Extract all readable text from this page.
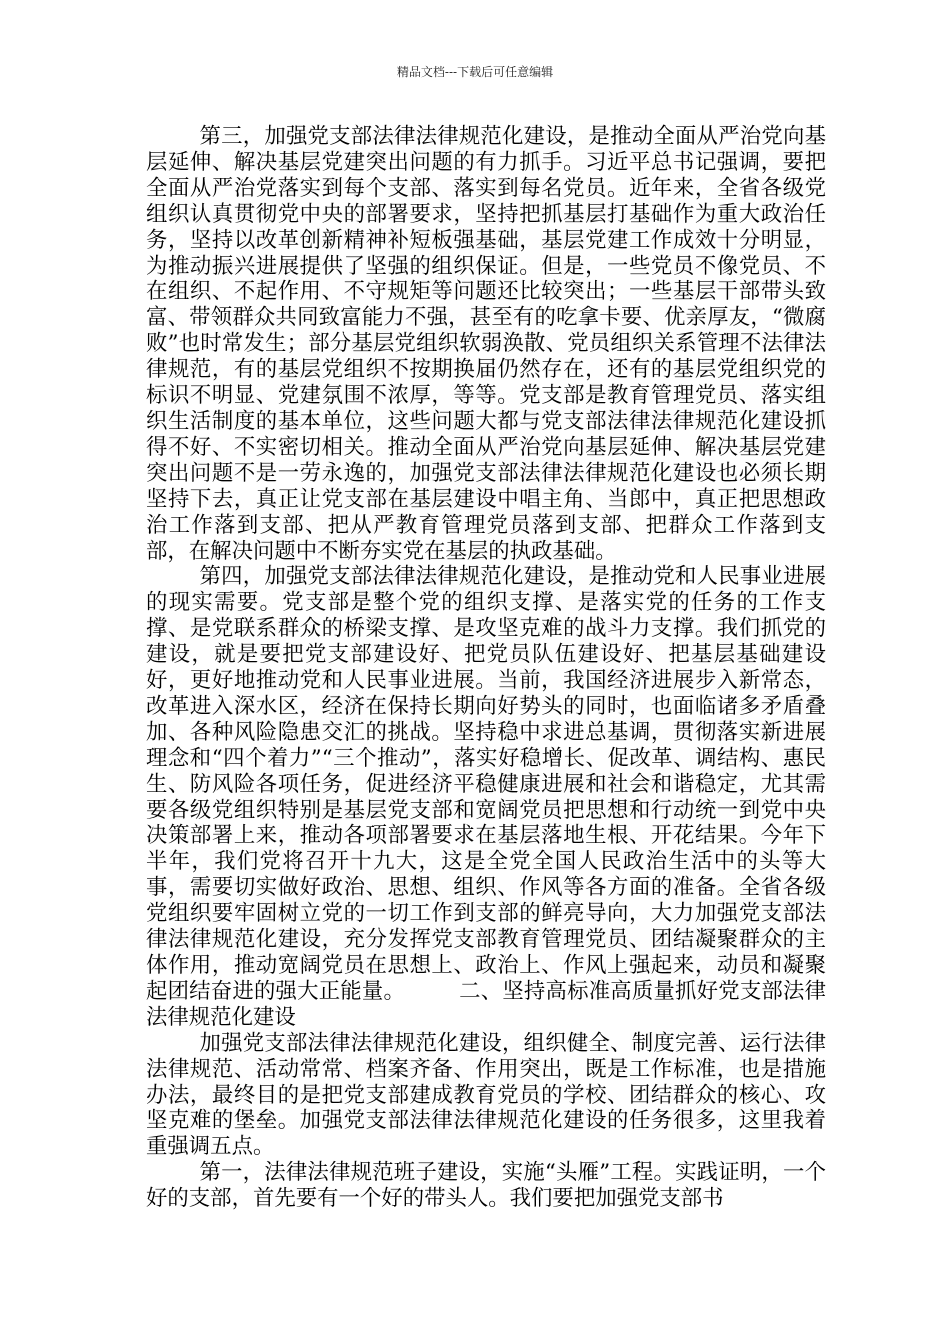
精品文档---下载后可任意编辑

第三，加强党支部法律法律规范化建设，是推动全面从严治党向基层延伸、解决基层党建突出问题的有力抓手。习近平总书记强调，要把全面从严治党落实到每个支部、落实到每名党员。近年来，全省各级党组织认真贯彻党中央的部署要求，坚持把抓基层打基础作为重大政治任务，坚持以改革创新精神补短板强基础，基层党建工作成效十分明显，为推动振兴进展提供了坚强的组织保证。但是，一些党员不像党员、不在组织、不起作用、不守规矩等问题还比较突出；一些基层干部带头致富、带领群众共同致富能力不强，甚至有的吃拿卡要、优亲厚友，“微腐败”也时常发生；部分基层党组织软弱涣散、党员组织关系管理不法律法律规范，有的基层党组织不按期换届仍然存在，还有的基层党组织党的标识不明显、党建氛围不浓厚，等等。党支部是教育管理党员、落实组织生活制度的基本单位，这些问题大都与党支部法律法律规范化建设抓得不好、不实密切相关。推动全面从严治党向基层延伸、解决基层党建突出问题不是一劳永逸的，加强党支部法律法律规范化建设也必须长期坚持下去，真正让党支部在基层建设中唱主角、当郎中，真正把思想政治工作落到支部、把从严教育管理党员落到支部、把群众工作落到支部，在解决问题中不断夯实党在基层的执政基础。

第四，加强党支部法律法律规范化建设，是推动党和人民事业进展的现实需要。党支部是整个党的组织支撑、是落实党的任务的工作支撑、是党联系群众的桥梁支撑、是攻坚克难的战斗力支撑。我们抓党的建设，就是要把党支部建设好、把党员队伍建设好、把基层基础建设好，更好地推动党和人民事业进展。当前，我国经济进展步入新常态，改革进入深水区，经济在保持长期向好势头的同时，也面临诸多矛盾叠加、各种风险隐患交汇的挑战。坚持稳中求进总基调，贯彻落实新进展理念和“四个着力”“三个推动”，落实好稳增长、促改革、调结构、惠民生、防风险各项任务，促进经济平稳健康进展和社会和谐稳定，尤其需要各级党组织特别是基层党支部和宽阔党员把思想和行动统一到党中央决策部署上来，推动各项部署要求在基层落地生根、开花结果。今年下半年，我们党将召开十九大，这是全党全国人民政治生活中的头等大事，需要切实做好政治、思想、组织、作风等各方面的准备。全省各级党组织要牢固树立党的一切工作到支部的鲜亮导向，大力加强党支部法律法律规范化建设，充分发挥党支部教育管理党员、团结凝聚群众的主体作用，推动宽阔党员在思想上、政治上、作风上强起来，动员和凝聚起团结奋进的强大正能量。　　　二、坚持高标准高质量抓好党支部法律法律规范化建设

加强党支部法律法律规范化建设，组织健全、制度完善、运行法律法律规范、活动常常、档案齐备、作用突出，既是工作标准，也是措施办法，最终目的是把党支部建成教育党员的学校、团结群众的核心、攻坚克难的堡垒。加强党支部法律法律规范化建设的任务很多，这里我着重强调五点。

第一，法律法律规范班子建设，实施“头雁”工程。实践证明，一个好的支部，首先要有一个好的带头人。我们要把加强党支部书
